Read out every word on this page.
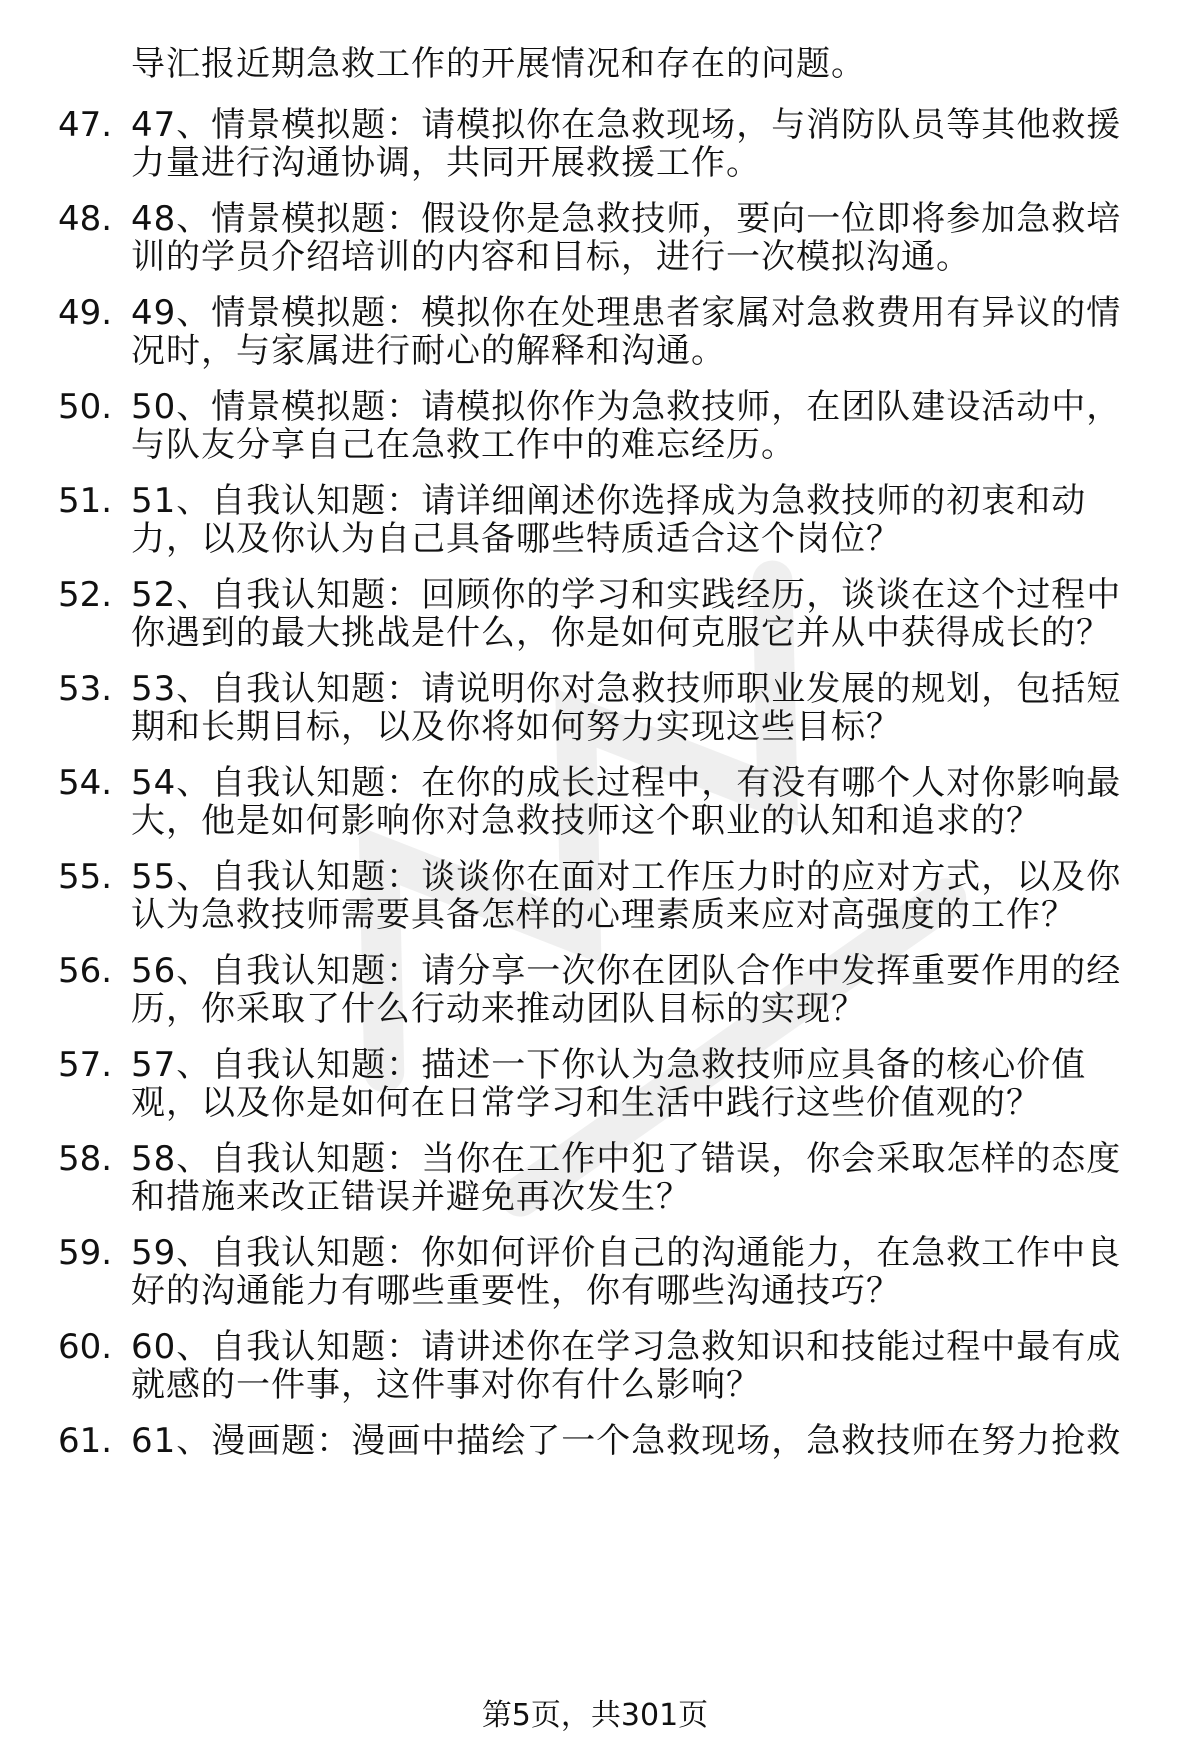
导汇报近期急救工作的开展情况和存在的问题。
47. 47、情景模拟题：请模拟你在急救现场，与消防队员等其他救援
力量进行沟通协调，共同开展救援工作。
48. 48、情景模拟题：假设你是急救技师，要向一位即将参加急救培
训的学员介绍培训的内容和目标，进行一次模拟沟通。
49. 49、情景模拟题：模拟你在处理患者家属对急救费用有异议的情
况时，与家属进行耐心的解释和沟通。
50. 50、情景模拟题：请模拟你作为急救技师，在团队建设活动中，
与队友分享自己在急救工作中的难忘经历。
51. 51、自我认知题：请详细阐述你选择成为急救技师的初衷和动
力，以及你认为自己具备哪些特质适合这个岗位？
52. 52、自我认知题：回顾你的学习和实践经历，谈谈在这个过程中
你遇到的最大挑战是什么，你是如何克服它并从中获得成长的？
53. 53、自我认知题：请说明你对急救技师职业发展的规划，包括短
期和长期目标，以及你将如何努力实现这些目标？
54. 54、自我认知题：在你的成长过程中，有没有哪个人对你影响最
大，他是如何影响你对急救技师这个职业的认知和追求的？
55. 55、自我认知题：谈谈你在面对工作压力时的应对方式，以及你
认为急救技师需要具备怎样的心理素质来应对高强度的工作？
56. 56、自我认知题：请分享一次你在团队合作中发挥重要作用的经
历，你采取了什么行动来推动团队目标的实现？
57. 57、自我认知题：描述一下你认为急救技师应具备的核心价值
观，以及你是如何在日常学习和生活中践行这些价值观的？
58. 58、自我认知题：当你在工作中犯了错误，你会采取怎样的态度
和措施来改正错误并避免再次发生？
59. 59、自我认知题：你如何评价自己的沟通能力，在急救工作中良
好的沟通能力有哪些重要性，你有哪些沟通技巧？
60. 60、自我认知题：请讲述你在学习急救知识和技能过程中最有成
就感的一件事，这件事对你有什么影响？
61. 61、漫画题：漫画中描绘了一个急救现场，急救技师在努力抢救
第5页，共301页
